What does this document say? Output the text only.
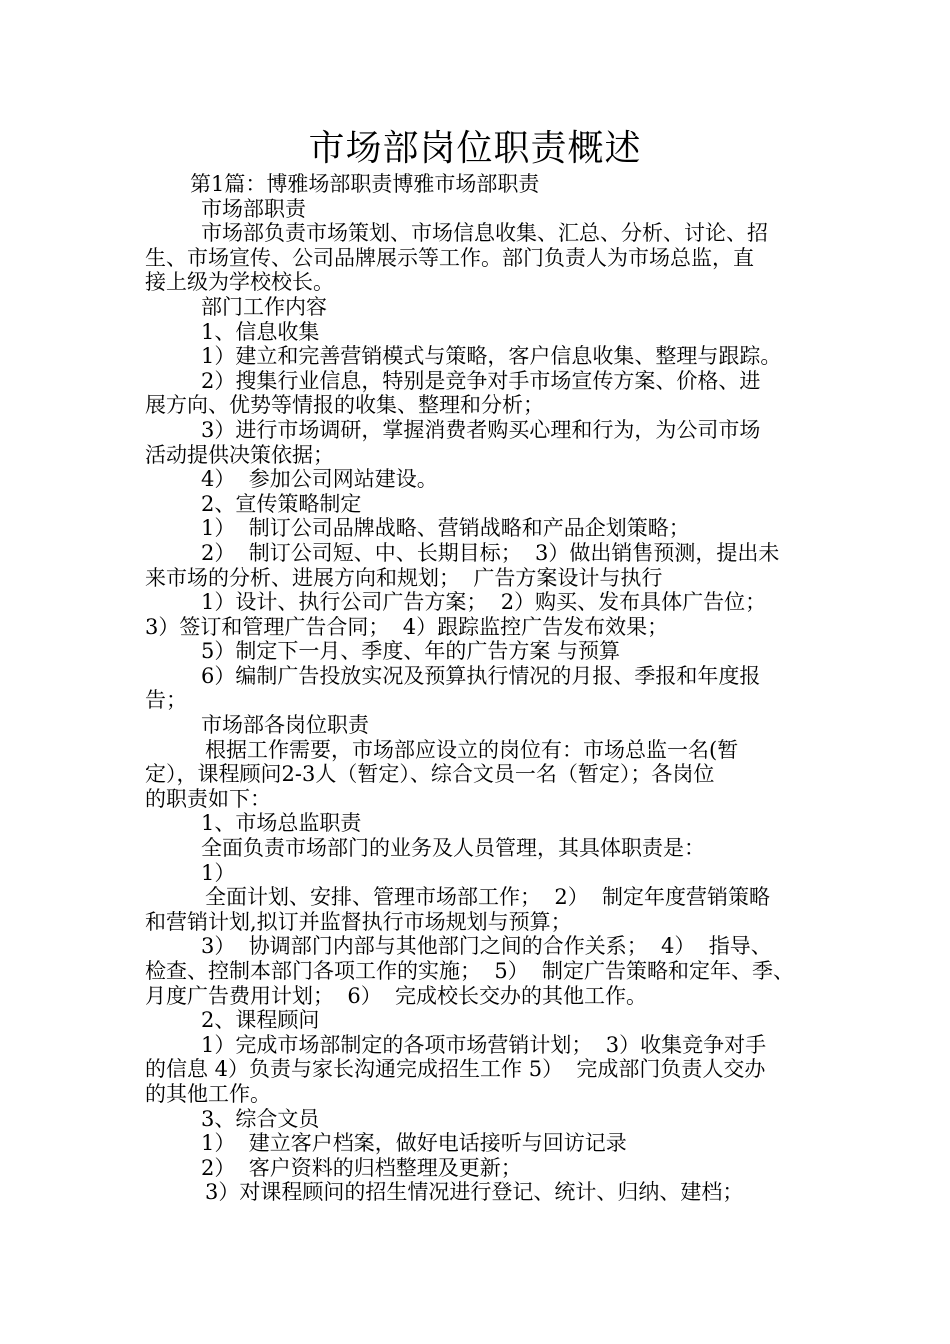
市场部岗位职责概述
第1篇：博雅场部职责博雅市场部职责
市场部职责
市场部负责市场策划、市场信息收集、汇总、分析、讨论、招
生、市场宣传、公司品牌展示等工作。部门负责人为市场总监，直
接上级为学校校长。
部门工作内容
1、信息收集
1）建立和完善营销模式与策略，客户信息收集、整理与跟踪。
2）搜集行业信息，特别是竞争对手市场宣传方案、价格、进
展方向、优势等情报的收集、整理和分析；
3）进行市场调研，掌握消费者购买心理和行为，为公司市场
活动提供决策依据；
4）  参加公司网站建设。
2、宣传策略制定
1）  制订公司品牌战略、营销战略和产品企划策略；
2）  制订公司短、中、长期目标；  3）做出销售预测，提出未
来市场的分析、进展方向和规划；  广告方案设计与执行
1）设计、执行公司广告方案；  2）购买、发布具体广告位；
3）签订和管理广告合同；  4）跟踪监控广告发布效果；
5）制定下一月、季度、年的广告方案 与预算
6）编制广告投放实况及预算执行情况的月报、季报和年度报
告；
市场部各岗位职责
根据工作需要，市场部应设立的岗位有：市场总监一名(暂
定），课程顾问2-3人（暂定）、综合文员一名（暂定）；各岗位
的职责如下：
1、市场总监职责
全面负责市场部门的业务及人员管理，其具体职责是：
1）
全面计划、安排、管理市场部工作；  2）  制定年度营销策略
和营销计划,拟订并监督执行市场规划与预算；
3）  协调部门内部与其他部门之间的合作关系；  4）  指导、
检查、控制本部门各项工作的实施；  5）  制定广告策略和定年、季、
月度广告费用计划；  6）  完成校长交办的其他工作。
2、课程顾问
1）完成市场部制定的各项市场营销计划；  3）收集竞争对手
的信息 4）负责与家长沟通完成招生工作 5）  完成部门负责人交办
的其他工作。
3、综合文员
1）  建立客户档案，做好电话接听与回访记录
2）  客户资料的归档整理及更新；
3）对课程顾问的招生情况进行登记、统计、归纳、建档；
